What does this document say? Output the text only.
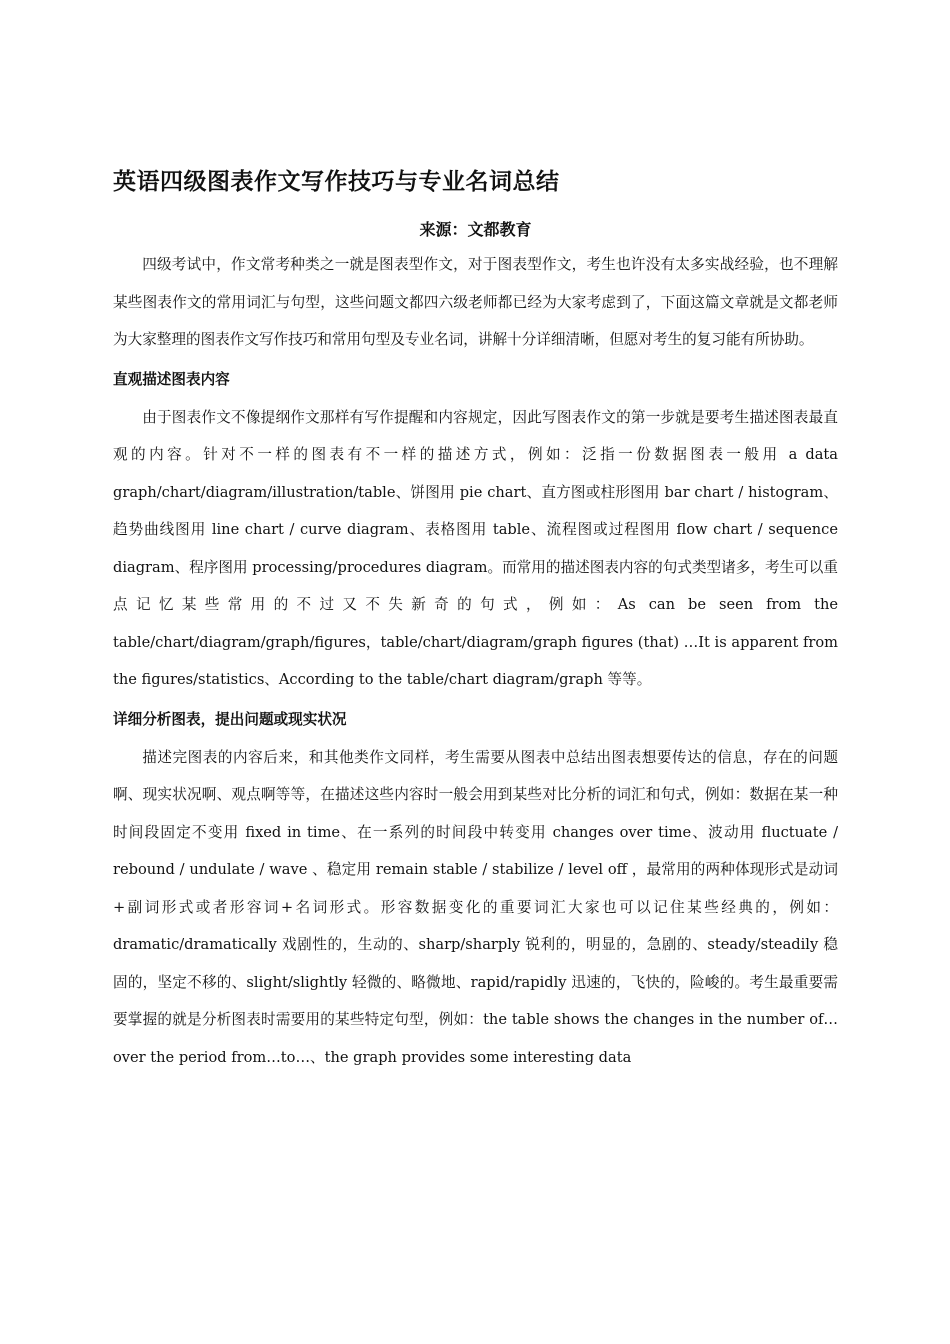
英语四级图表作文写作技巧与专业名词总结
来源：文都教育

四级考试中，作文常考种类之一就是图表型作文，对于图表型作文，考生也许没有太多实战经验，也不理解某些图表作文的常用词汇与句型，这些问题文都四六级老师都已经为大家考虑到了，下面这篇文章就是文都老师为大家整理的图表作文写作技巧和常用句型及专业名词，讲解十分详细清晰，但愿对考生的复习能有所协助。

直观描述图表内容

由于图表作文不像提纲作文那样有写作提醒和内容规定，因此写图表作文的第一步就是要考生描述图表最直观的内容。针对不一样的图表有不一样的描述方式，例如：泛指一份数据图表一般用 a data graph/chart/diagram/illustration/table、饼图用 pie chart、直方图或柱形图用 bar chart / histogram、趋势曲线图用 line chart / curve diagram、表格图用 table、流程图或过程图用 flow chart / sequence diagram、程序图用 processing/procedures diagram。而常用的描述图表内容的句式类型诸多，考生可以重点记忆某些常用的不过又不失新奇的句式，例如：As can be seen from the table/chart/diagram/graph/figures，table/chart/diagram/graph figures (that) …It is apparent from the figures/statistics、According to the table/chart diagram/graph 等等。

详细分析图表，提出问题或现实状况

描述完图表的内容后来，和其他类作文同样，考生需要从图表中总结出图表想要传达的信息，存在的问题啊、现实状况啊、观点啊等等，在描述这些内容时一般会用到某些对比分析的词汇和句式，例如：数据在某一种时间段固定不变用 fixed in time、在一系列的时间段中转变用 changes over time、波动用 fluctuate / rebound / undulate / wave 、稳定用 remain stable / stabilize / level off ，最常用的两种体现形式是动词+副词形式或者形容词+名词形式。形容数据变化的重要词汇大家也可以记住某些经典的，例如：dramatic/dramatically 戏剧性的，生动的、sharp/sharply 锐利的，明显的，急剧的、steady/steadily 稳固的，坚定不移的、slight/slightly 轻微的、略微地、rapid/rapidly 迅速的，飞快的，险峻的。考生最重要需要掌握的就是分析图表时需要用的某些特定句型，例如：the table shows the changes in the number of…over the period from…to…、the graph provides some interesting data
